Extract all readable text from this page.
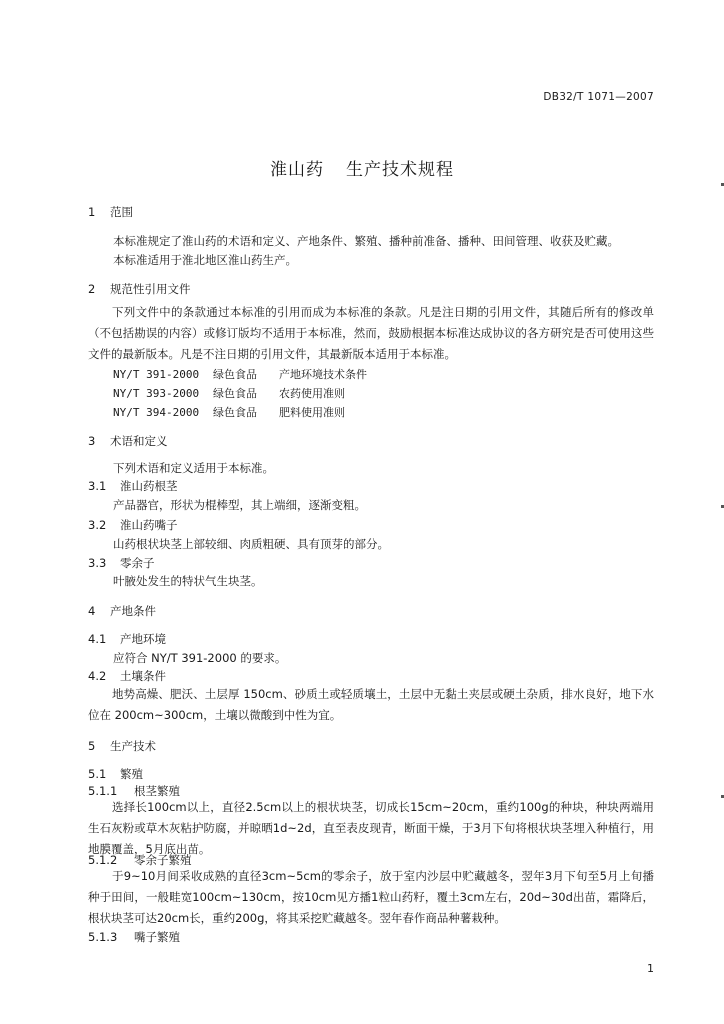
DB32/T 1071—2007
淮山药 生产技术规程
1 范围
本标准规定了淮山药的术语和定义、产地条件、繁殖、播种前准备、播种、田间管理、收获及贮藏。
本标准适用于淮北地区淮山药生产。
2 规范性引用文件
下列文件中的条款通过本标准的引用而成为本标准的条款。凡是注日期的引用文件，其随后所有的修改单（不包括勘误的内容）或修订版均不适用于本标准，然而，鼓励根据本标准达成协议的各方研究是否可使用这些文件的最新版本。凡是不注日期的引用文件，其最新版本适用于本标准。
NY/T 391-2000 绿色食品 产地环境技术条件
NY/T 393-2000 绿色食品 农药使用准则
NY/T 394-2000 绿色食品 肥料使用准则
3 术语和定义
下列术语和定义适用于本标准。
3.1 淮山药根茎
产品器官，形状为棍棒型，其上端细，逐渐变粗。
3.2 淮山药嘴子
山药根状块茎上部较细、肉质粗硬、具有顶芽的部分。
3.3 零余子
叶腋处发生的特状气生块茎。
4 产地条件
4.1 产地环境
应符合 NY/T 391-2000 的要求。
4.2 土壤条件
地势高燥、肥沃、土层厚 150cm、砂质土或轻质壤土，土层中无黏土夹层或硬土杂质，排水良好，地下水位在 200cm~300cm，土壤以微酸到中性为宜。
5 生产技术
5.1 繁殖
5.1.1 根茎繁殖
选择长100cm以上，直径2.5cm以上的根状块茎，切成长15cm~20cm，重约100g的种块，种块两端用生石灰粉或草木灰粘护防腐，并晾晒1d~2d，直至表皮现青，断面干燥，于3月下旬将根状块茎埋入种植行，用地膜覆盖，5月底出苗。
5.1.2 零余子繁殖
于9~10月间采收成熟的直径3cm~5cm的零余子，放于室内沙层中贮藏越冬，翌年3月下旬至5月上旬播种于田间，一般畦宽100cm~130cm，按10cm见方播1粒山药籽，覆土3cm左右，20d~30d出苗，霜降后，根状块茎可达20cm长，重约200g，将其采挖贮藏越冬。翌年春作商品种薯栽种。
5.1.3 嘴子繁殖
1
